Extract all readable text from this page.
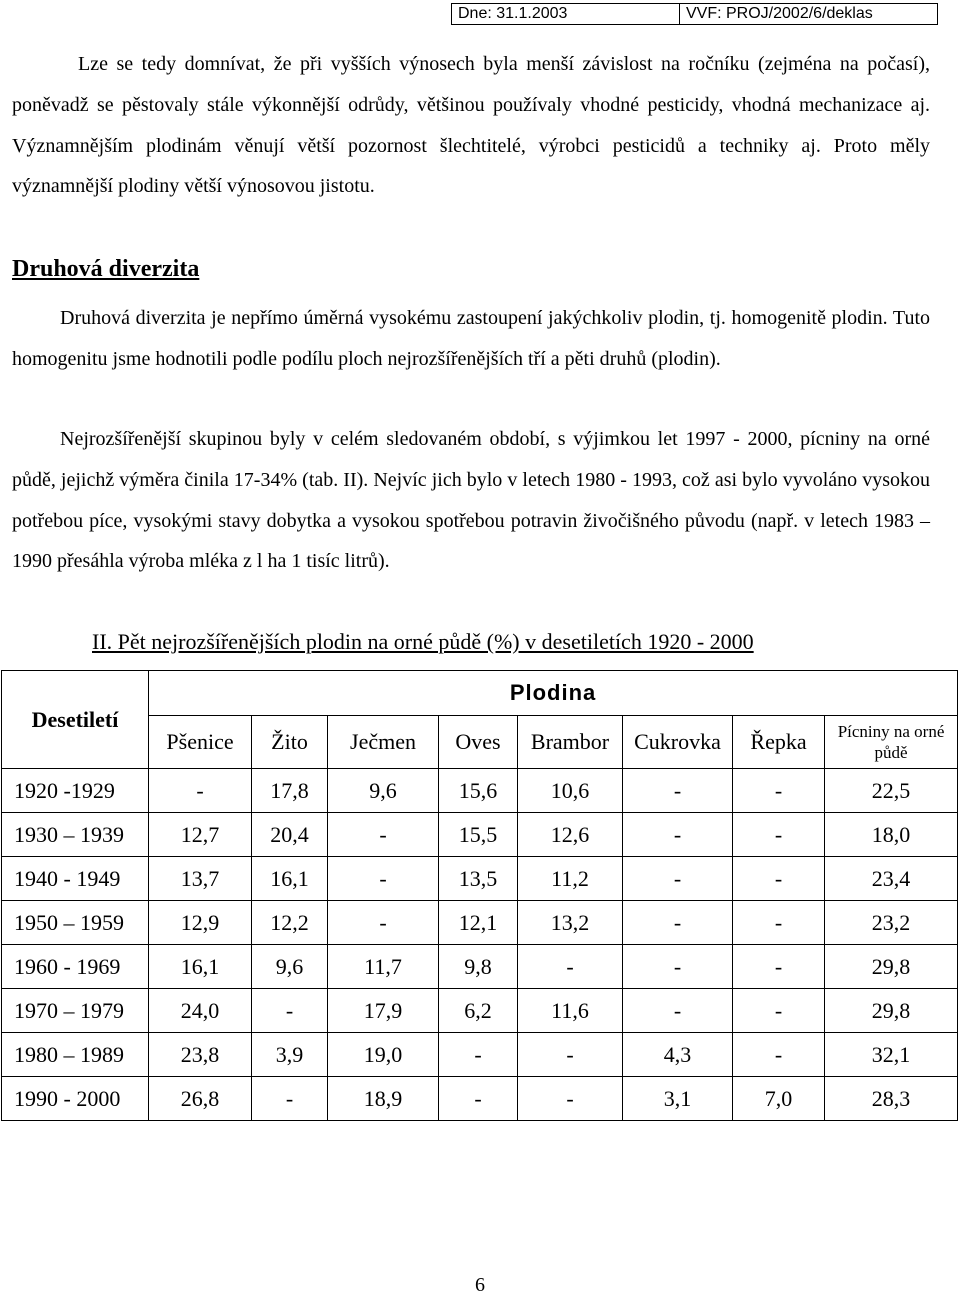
Dne: 31.1.2003	VVF: PROJ/2002/6/deklas

Lze se tedy domnívat, že při vyšších výnosech byla menší závislost na ročníku (zejména na počasí), poněvadž se pěstovaly stále výkonnější odrůdy, většinou používaly vhodné pesticidy, vhodná mechanizace aj. Významnějším plodinám věnují větší pozornost šlechtitelé, výrobci pesticidů a techniky aj. Proto měly významnější plodiny větší výnosovou jistotu.

Druhová diverzita

Druhová diverzita je nepřímo úměrná vysokému zastoupení jakýchkoliv plodin, tj. homogenitě plodin. Tuto homogenitu jsme hodnotili podle podílu ploch nejrozšířenějších tří a pěti druhů (plodin).

Nejrozšířenější skupinou byly v celém sledovaném období, s výjimkou let 1997 - 2000, pícniny na orné půdě, jejichž výměra činila 17-34% (tab. II). Nejvíc jich bylo v letech 1980 - 1993, což asi bylo vyvoláno vysokou potřebou píce, vysokými stavy dobytka a vysokou spotřebou potravin živočišného původu (např. v letech 1983 – 1990 přesáhla výroba mléka z l ha 1 tisíc litrů).

II. Pět nejrozšířenějších plodin na orné půdě (%) v desetiletích 1920 - 2000

Desetiletí	Plodina							
	Pšenice	Žito	Ječmen	Oves	Brambor	Cukrovka	Řepka	Pícniny na orné půdě
1920 -1929	-	17,8	9,6	15,6	10,6	-	-	22,5
1930 – 1939	12,7	20,4	-	15,5	12,6	-	-	18,0
1940 - 1949	13,7	16,1	-	13,5	11,2	-	-	23,4
1950 – 1959	12,9	12,2	-	12,1	13,2	-	-	23,2
1960 - 1969	16,1	9,6	11,7	9,8	-	-	-	29,8
1970 – 1979	24,0	-	17,9	6,2	11,6	-	-	29,8
1980 – 1989	23,8	3,9	19,0	-	-	4,3	-	32,1
1990 - 2000	26,8	-	18,9	-	-	3,1	7,0	28,3
6
